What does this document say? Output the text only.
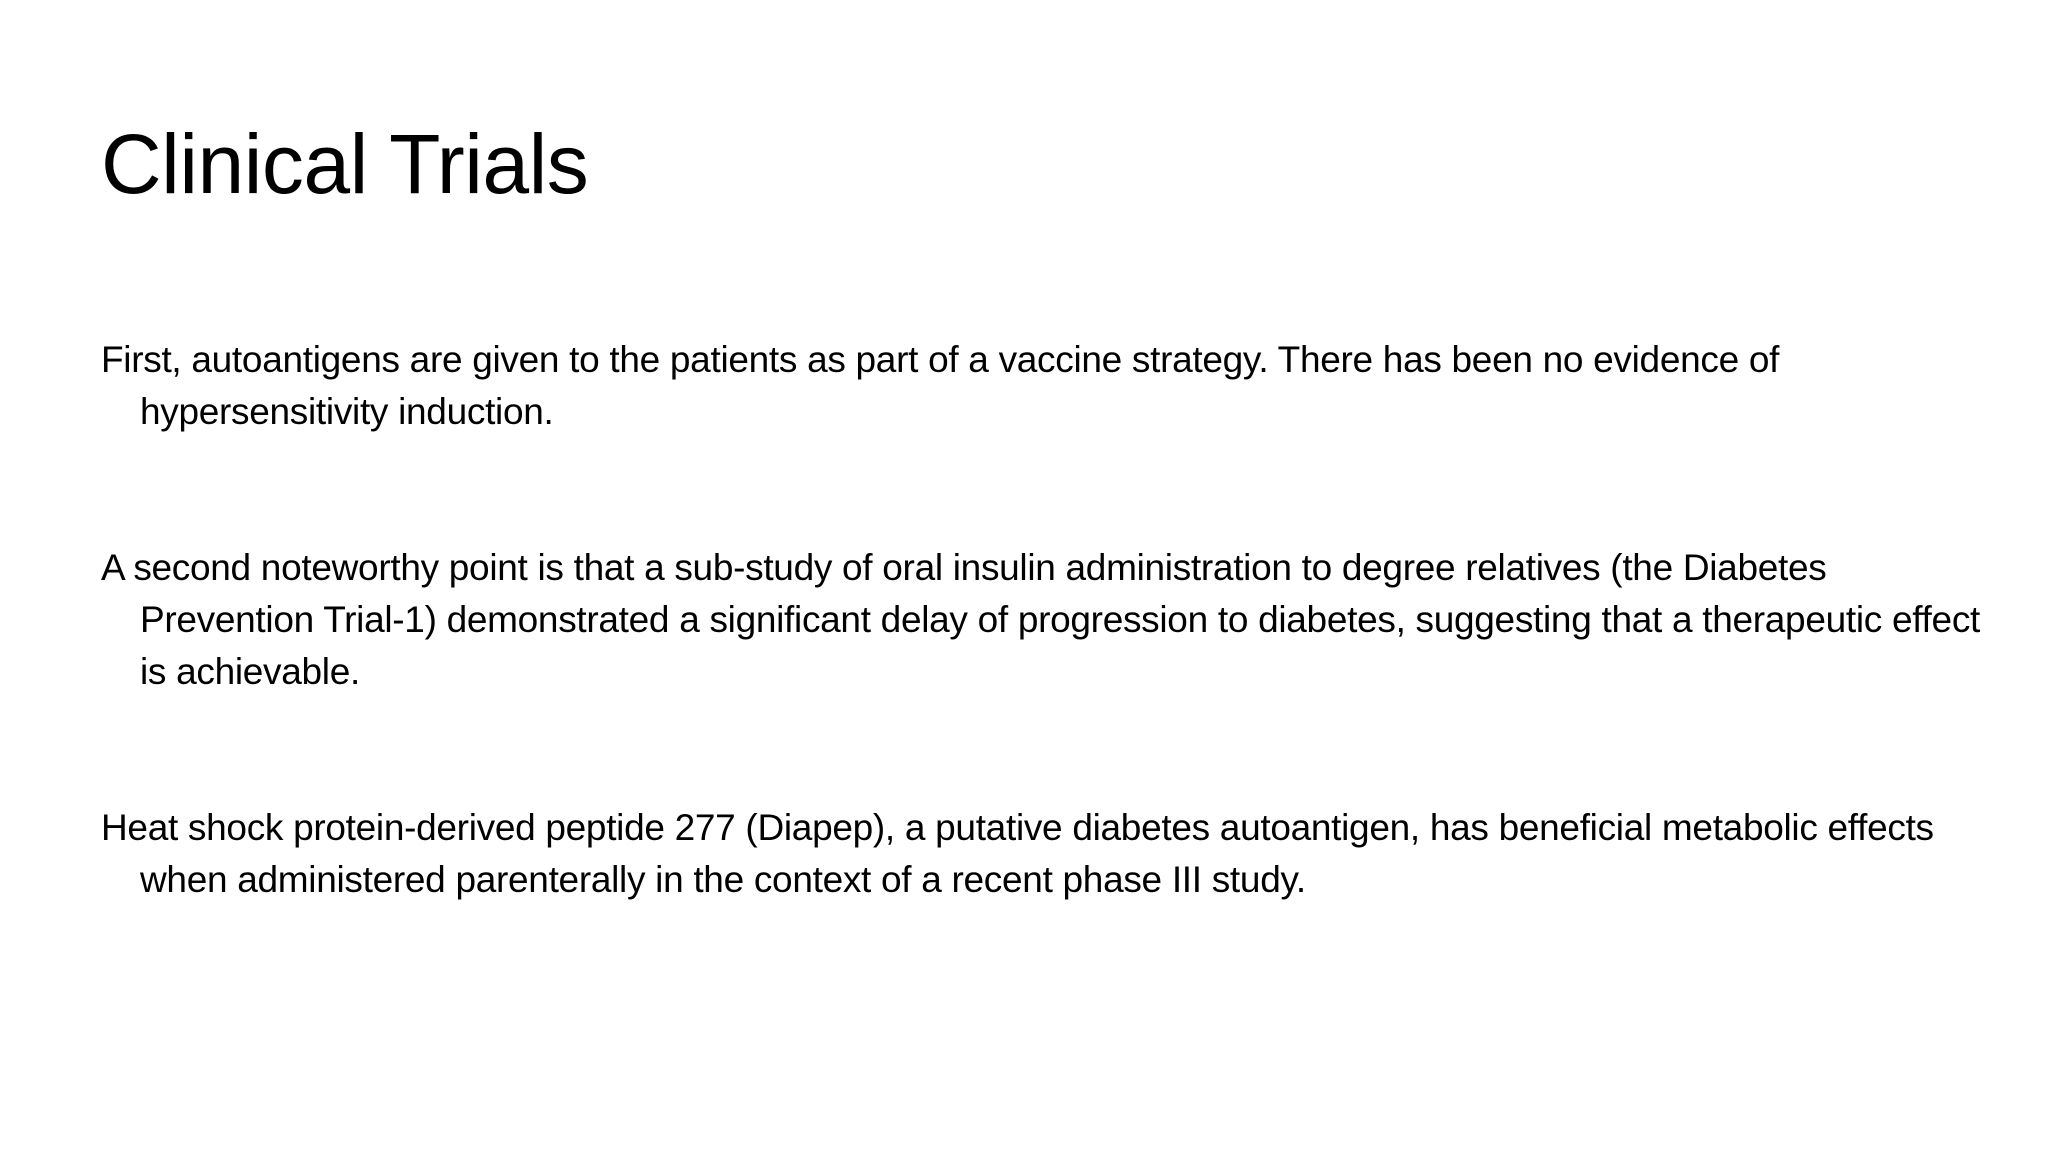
Clinical Trials

First, autoantigens are given to the patients as part of a vaccine strategy. There has been no evidence of hypersensitivity induction.

A second noteworthy point is that a sub-study of oral insulin administration to degree relatives (the Diabetes Prevention Trial-1) demonstrated a significant delay of progression to diabetes, suggesting that a therapeutic effect is achievable.

Heat shock protein-derived peptide 277 (Diapep), a putative diabetes autoantigen, has beneficial metabolic effects when administered parenterally in the context of a recent phase III study.
